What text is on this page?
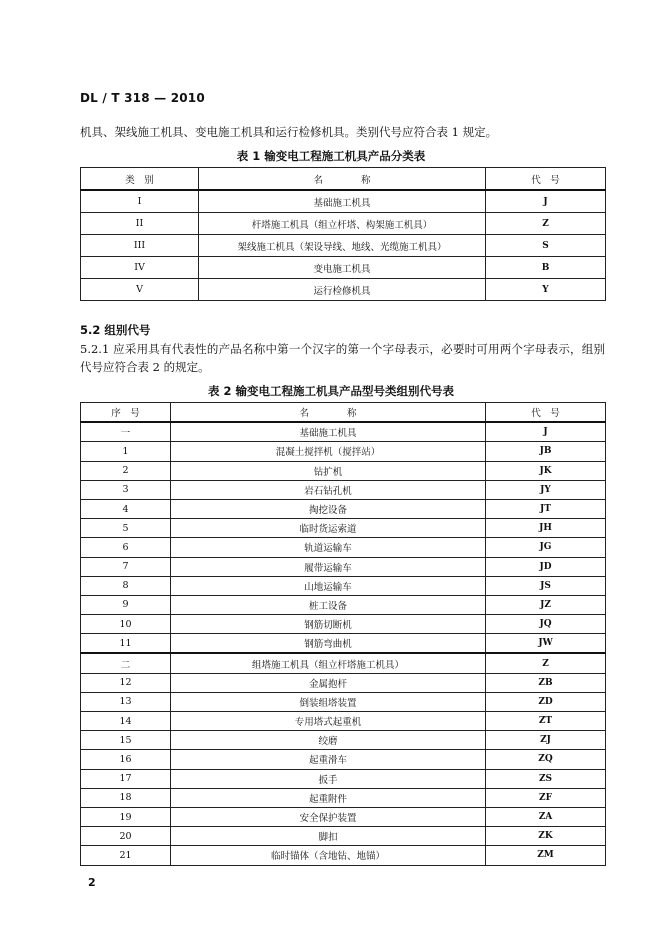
DL / T 318 — 2010
机具、架线施工机具、变电施工机具和运行检修机具。类别代号应符合表 1 规定。
表 1 输变电工程施工机具产品分类表
类　别	名　　　　称	代　号
I	基础施工机具	J
II	杆塔施工机具（组立杆塔、构架施工机具）	Z
III	架线施工机具（架设导线、地线、光缆施工机具）	S
IV	变电施工机具	B
V	运行检修机具	Y
5.2 组别代号
5.2.1 应采用具有代表性的产品名称中第一个汉字的第一个字母表示，必要时可用两个字母表示，组别代号应符合表 2 的规定。
表 2 输变电工程施工机具产品型号类组别代号表
序　号	名　　　　称	代　号
一	基础施工机具	J
1	混凝土搅拌机（搅拌站）	JB
2	钻扩机	JK
3	岩石钻孔机	JY
4	掏挖设备	JT
5	临时货运索道	JH
6	轨道运输车	JG
7	履带运输车	JD
8	山地运输车	JS
9	桩工设备	JZ
10	钢筋切断机	JQ
11	钢筋弯曲机	JW
二	组塔施工机具（组立杆塔施工机具）	Z
12	金属抱杆	ZB
13	倒装组塔装置	ZD
14	专用塔式起重机	ZT
15	绞磨	ZJ
16	起重滑车	ZQ
17	扳手	ZS
18	起重附件	ZF
19	安全保护装置	ZA
20	脚扣	ZK
21	临时锚体（含地钻、地锚）	ZM
2
